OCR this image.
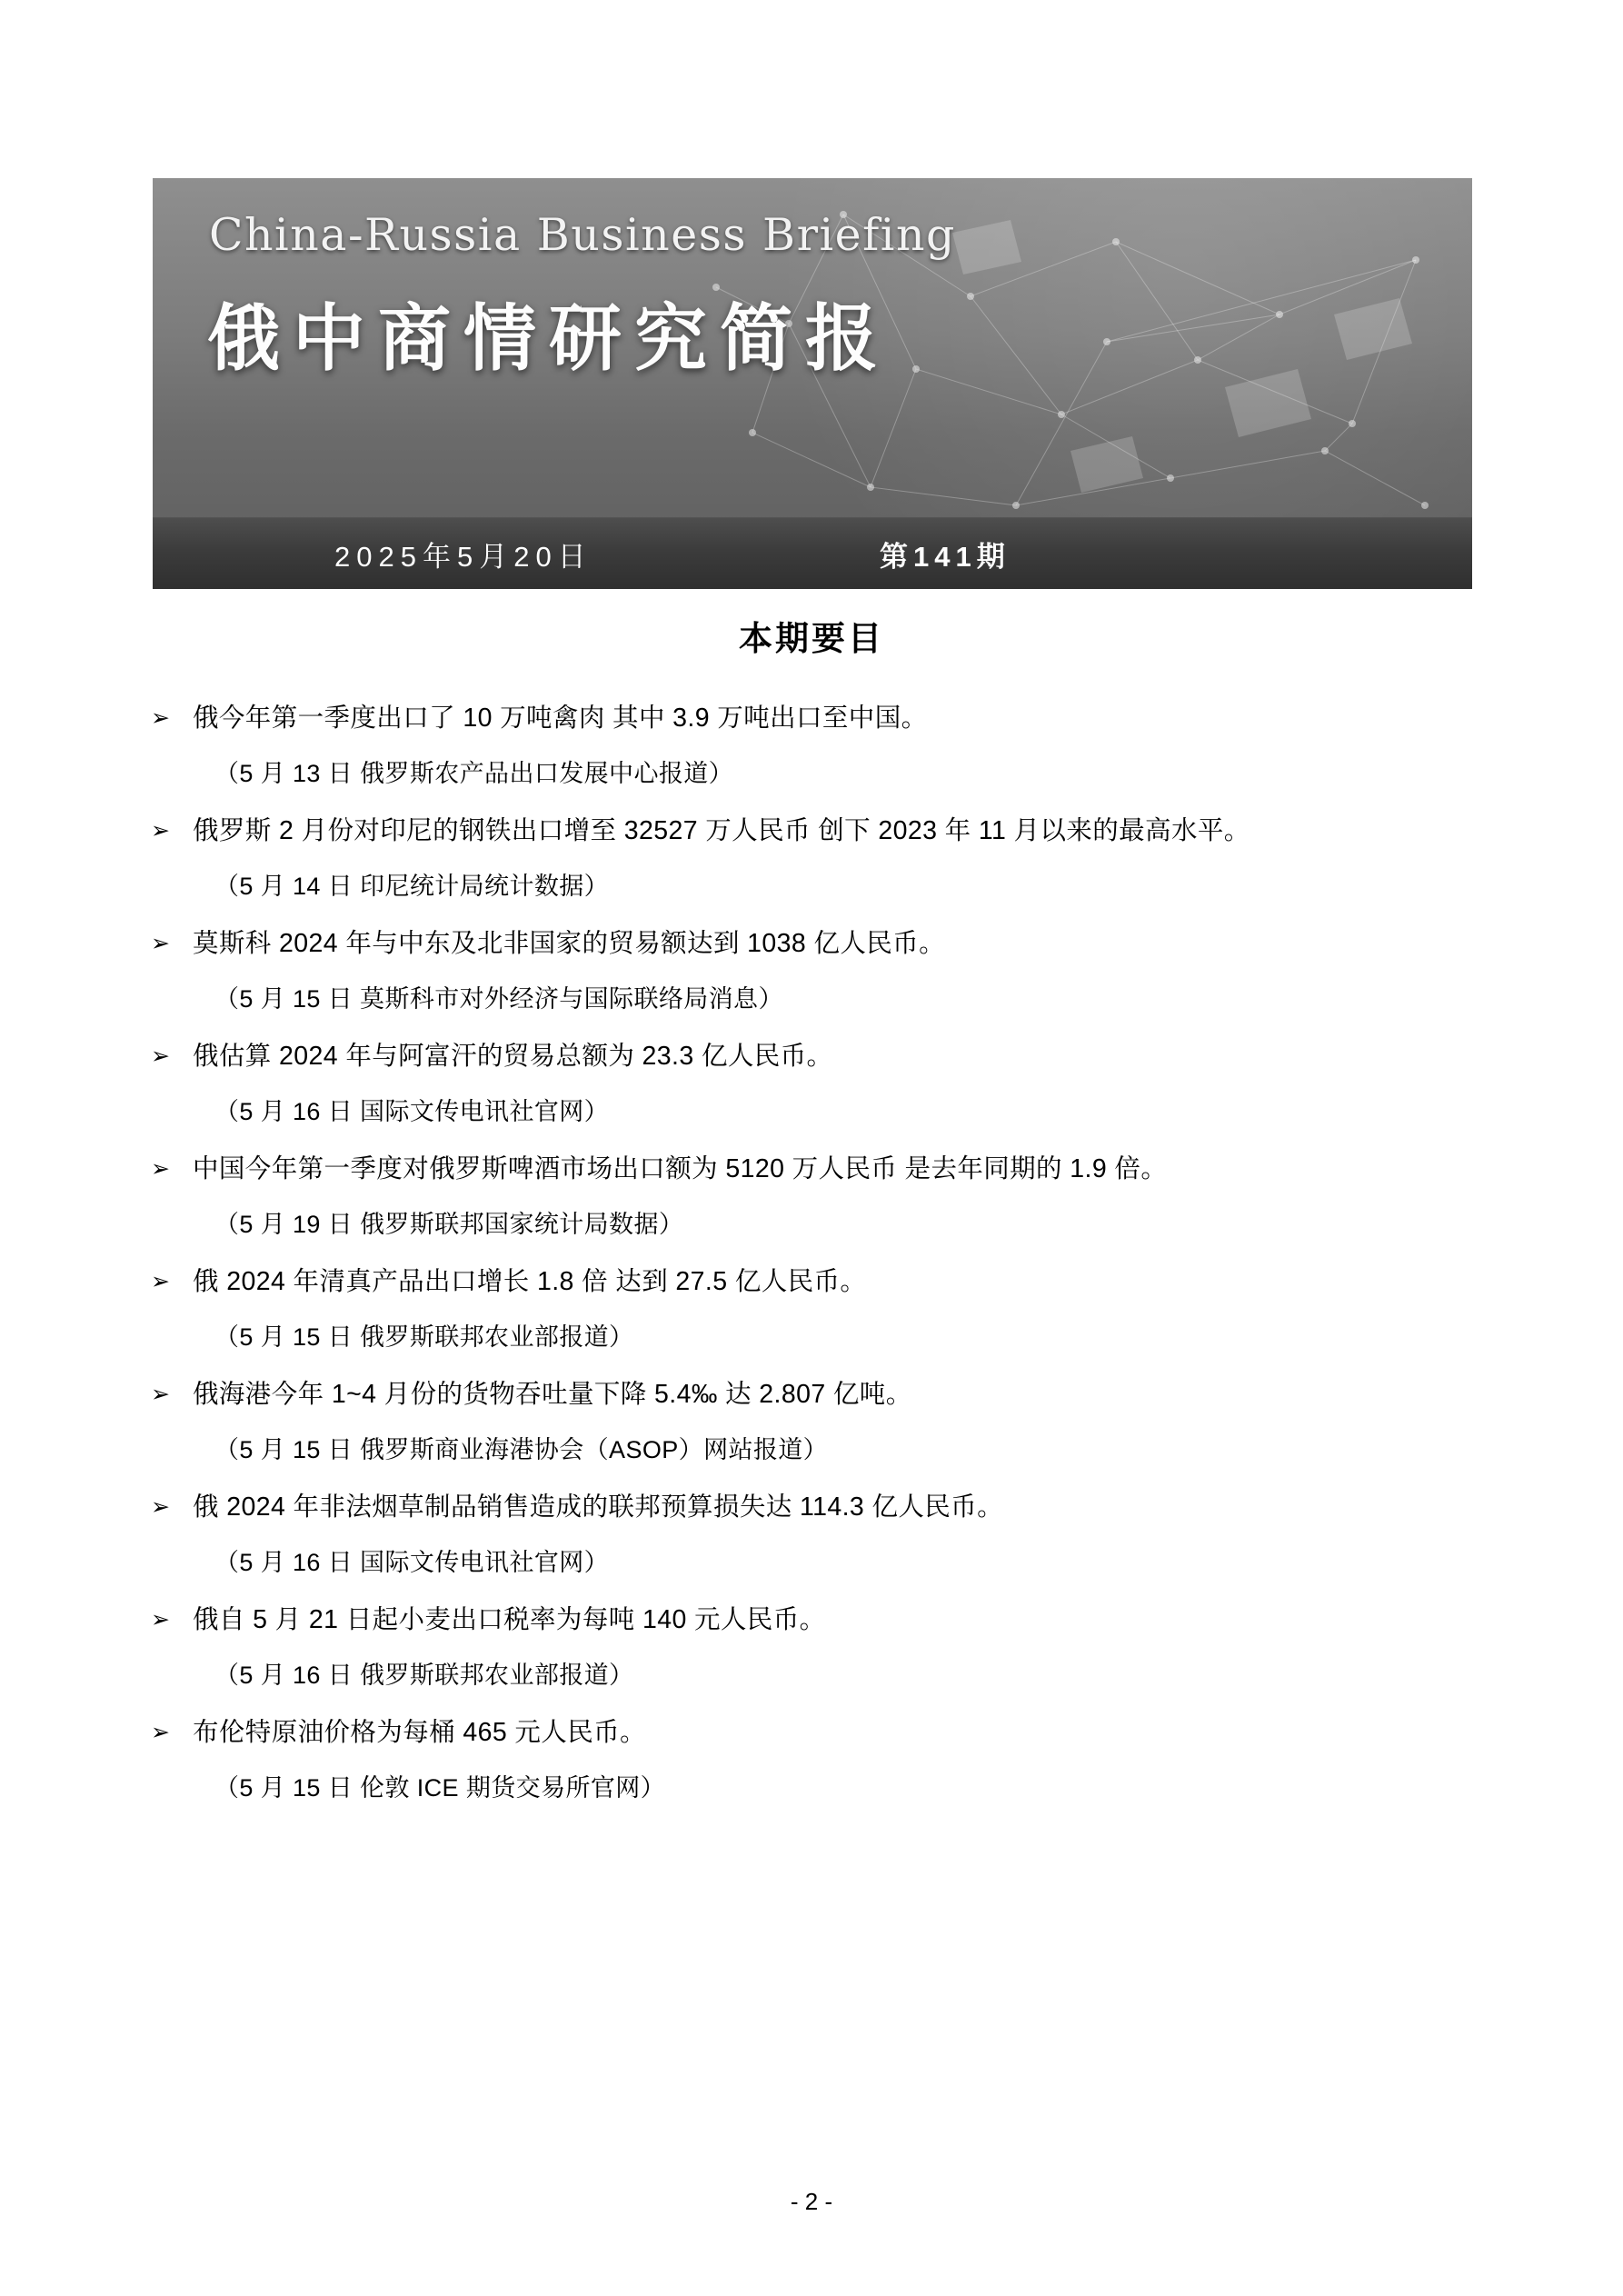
China-Russia Business Briefing
俄中商情研究简报
2025年5月20日	第141期
本期要目
➢ 俄今年第一季度出口了 10 万吨禽肉 其中 3.9 万吨出口至中国。
（5 月 13 日 俄罗斯农产品出口发展中心报道）
➢ 俄罗斯 2 月份对印尼的钢铁出口增至 32527 万人民币 创下 2023 年 11 月以来的最高水平。
（5 月 14 日 印尼统计局统计数据）
➢ 莫斯科 2024 年与中东及北非国家的贸易额达到 1038 亿人民币。
（5 月 15 日 莫斯科市对外经济与国际联络局消息）
➢ 俄估算 2024 年与阿富汗的贸易总额为 23.3 亿人民币。
（5 月 16 日 国际文传电讯社官网）
➢ 中国今年第一季度对俄罗斯啤酒市场出口额为 5120 万人民币 是去年同期的 1.9 倍。
（5 月 19 日 俄罗斯联邦国家统计局数据）
➢ 俄 2024 年清真产品出口增长 1.8 倍 达到 27.5 亿人民币。
（5 月 15 日 俄罗斯联邦农业部报道）
➢ 俄海港今年 1~4 月份的货物吞吐量下降 5.4‰ 达 2.807 亿吨。
（5 月 15 日 俄罗斯商业海港协会（ASOP）网站报道）
➢ 俄 2024 年非法烟草制品销售造成的联邦预算损失达 114.3 亿人民币。
（5 月 16 日 国际文传电讯社官网）
➢ 俄自 5 月 21 日起小麦出口税率为每吨 140 元人民币。
（5 月 16 日 俄罗斯联邦农业部报道）
➢ 布伦特原油价格为每桶 465 元人民币。
（5 月 15 日 伦敦 ICE 期货交易所官网）
- 2 -
